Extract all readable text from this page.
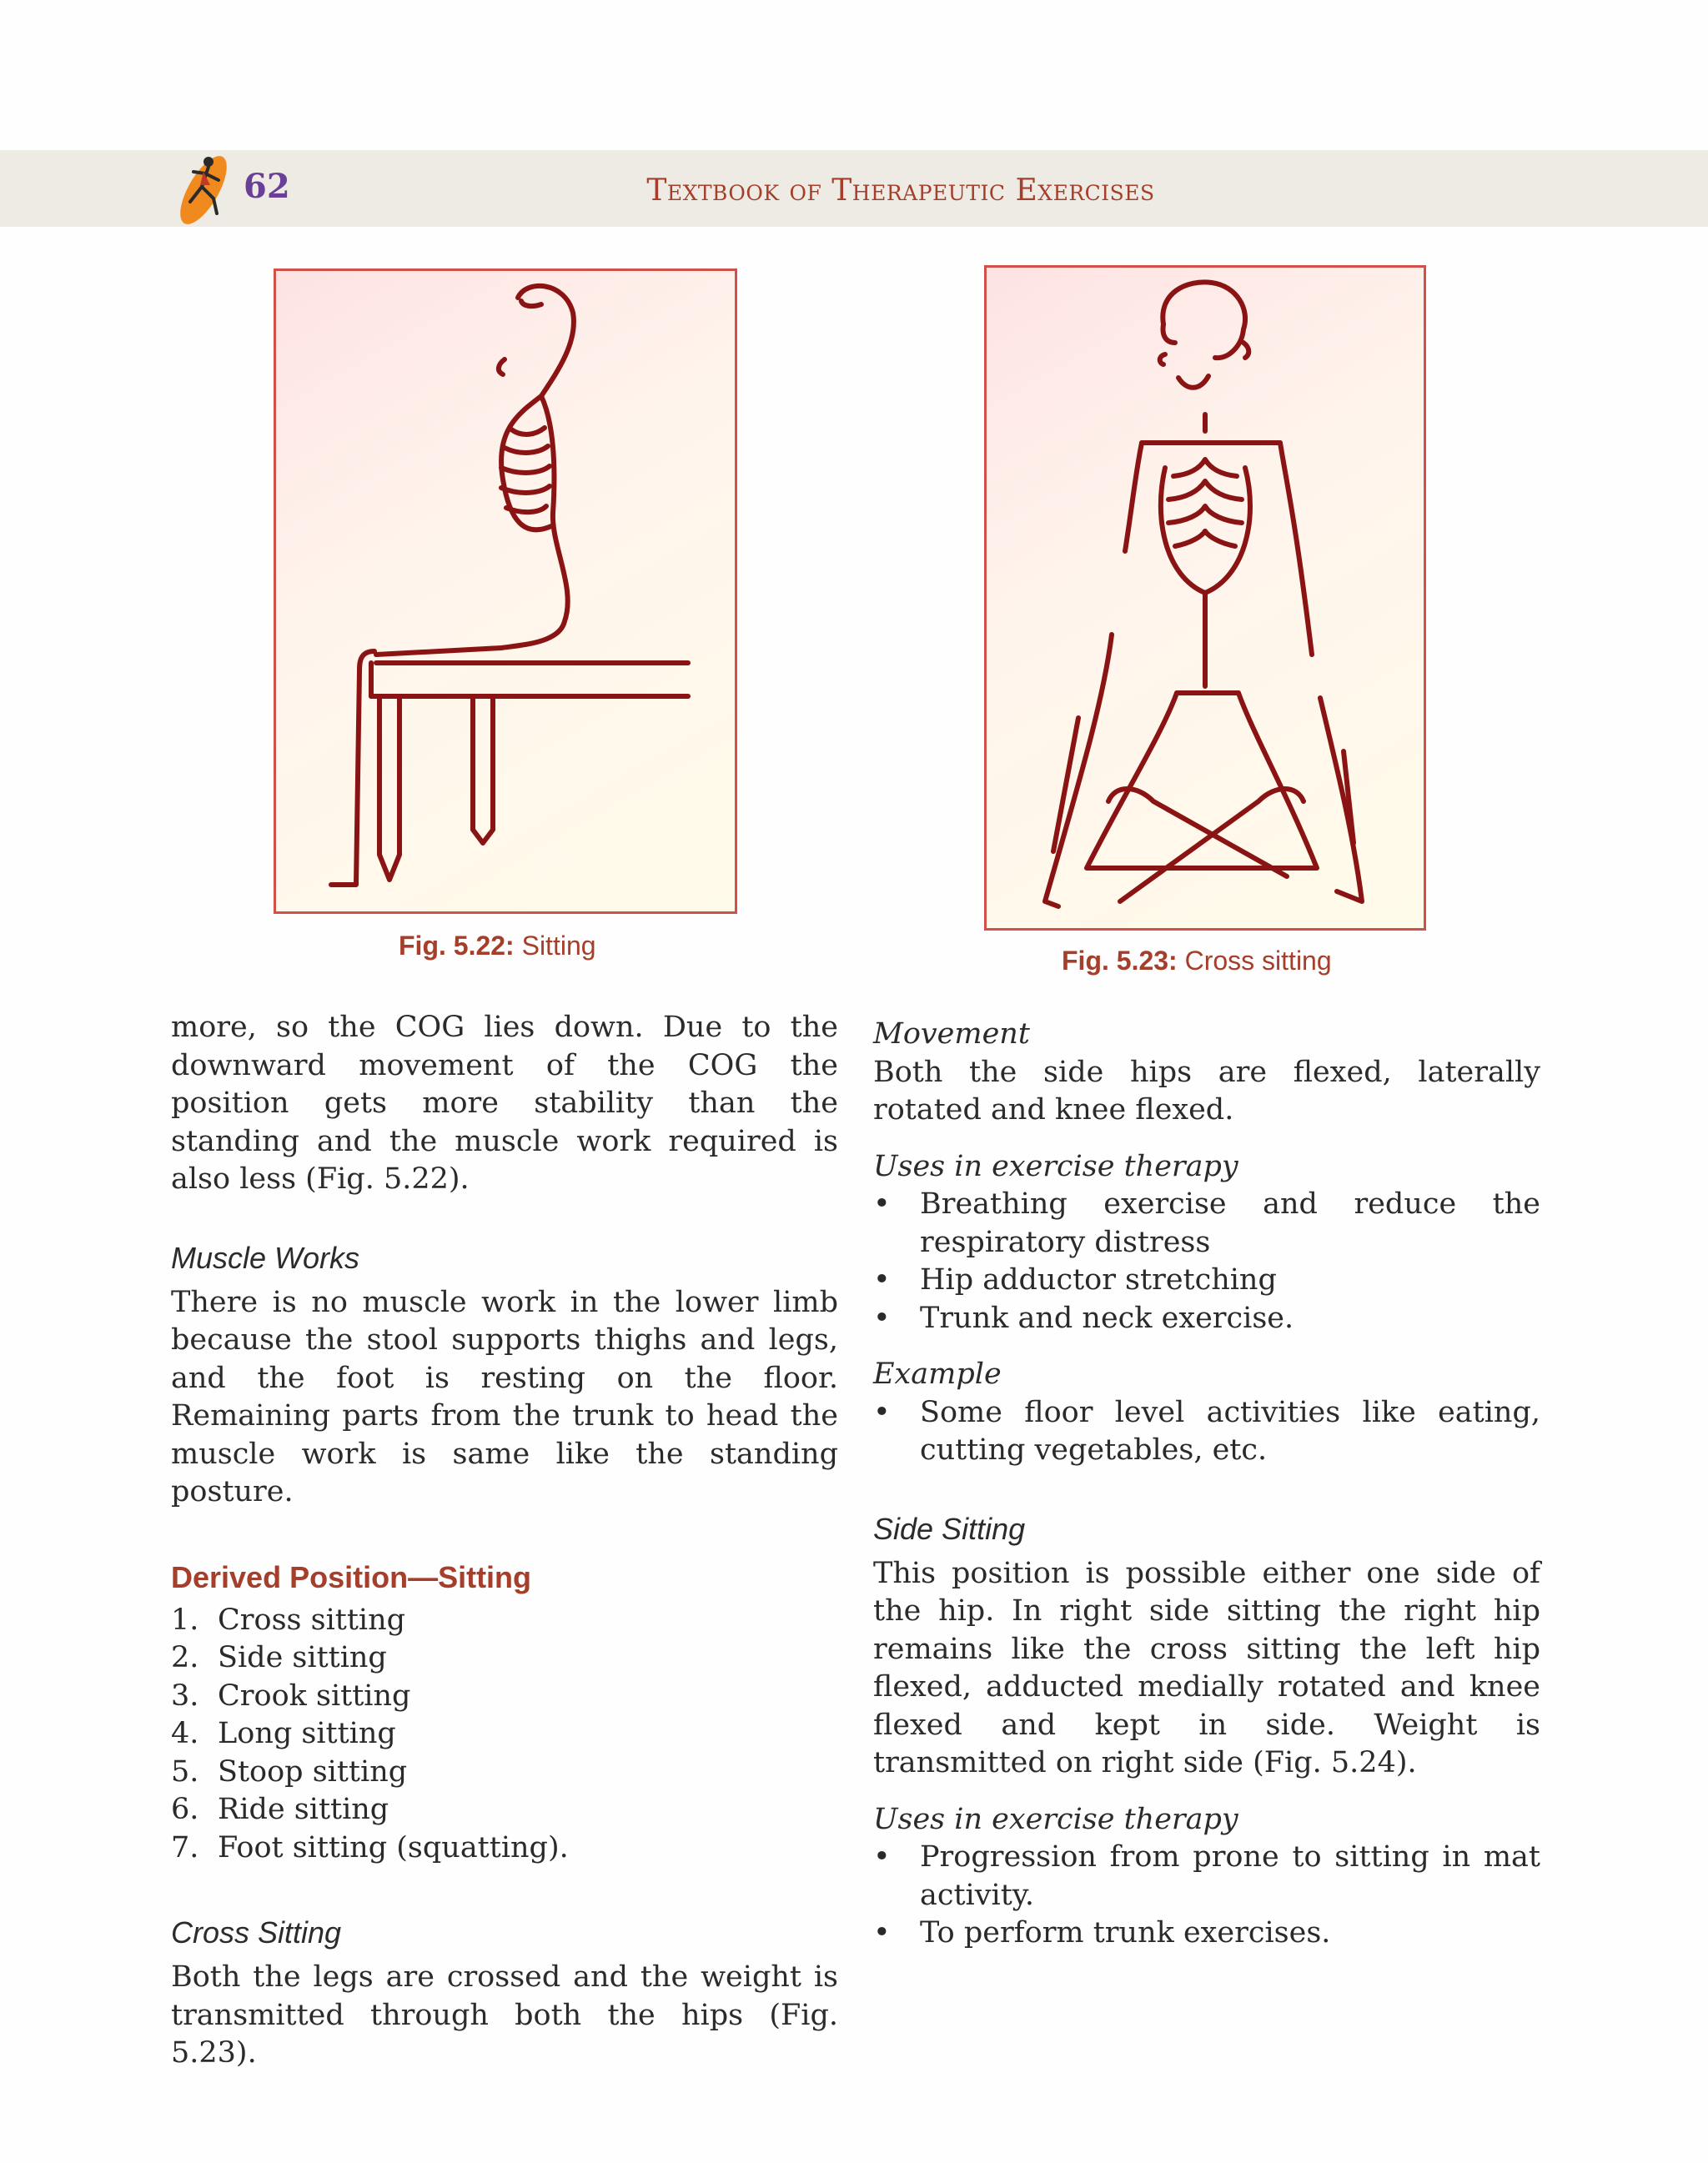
62	Textbook of Therapeutic Exercises
Fig. 5.22: Sitting	Fig. 5.23: Cross sitting

more, so the COG lies down. Due to the downward movement of the COG the position gets more stability than the standing and the muscle work required is also less (Fig. 5.22).

Muscle Works

There is no muscle work in the lower limb because the stool supports thighs and legs, and the foot is resting on the floor. Remaining parts from the trunk to head the muscle work is same like the standing posture.

Derived Position—Sitting

1. Cross sitting
2. Side sitting
3. Crook sitting
4. Long sitting
5. Stoop sitting
6. Ride sitting
7. Foot sitting (squatting).

Cross Sitting

Both the legs are crossed and the weight is transmitted through both the hips (Fig. 5.23).

Movement

Both the side hips are flexed, laterally rotated and knee flexed.

Uses in exercise therapy

•	Breathing exercise and reduce the respiratory distress
•	Hip adductor stretching
•	Trunk and neck exercise.

Example

•	Some floor level activities like eating, cutting vegetables, etc.

Side Sitting

This position is possible either one side of the hip. In right side sitting the right hip remains like the cross sitting the left hip flexed, adducted medially rotated and knee flexed and kept in side. Weight is transmitted on right side (Fig. 5.24).

Uses in exercise therapy

•	Progression from prone to sitting in mat activity.
•	To perform trunk exercises.
